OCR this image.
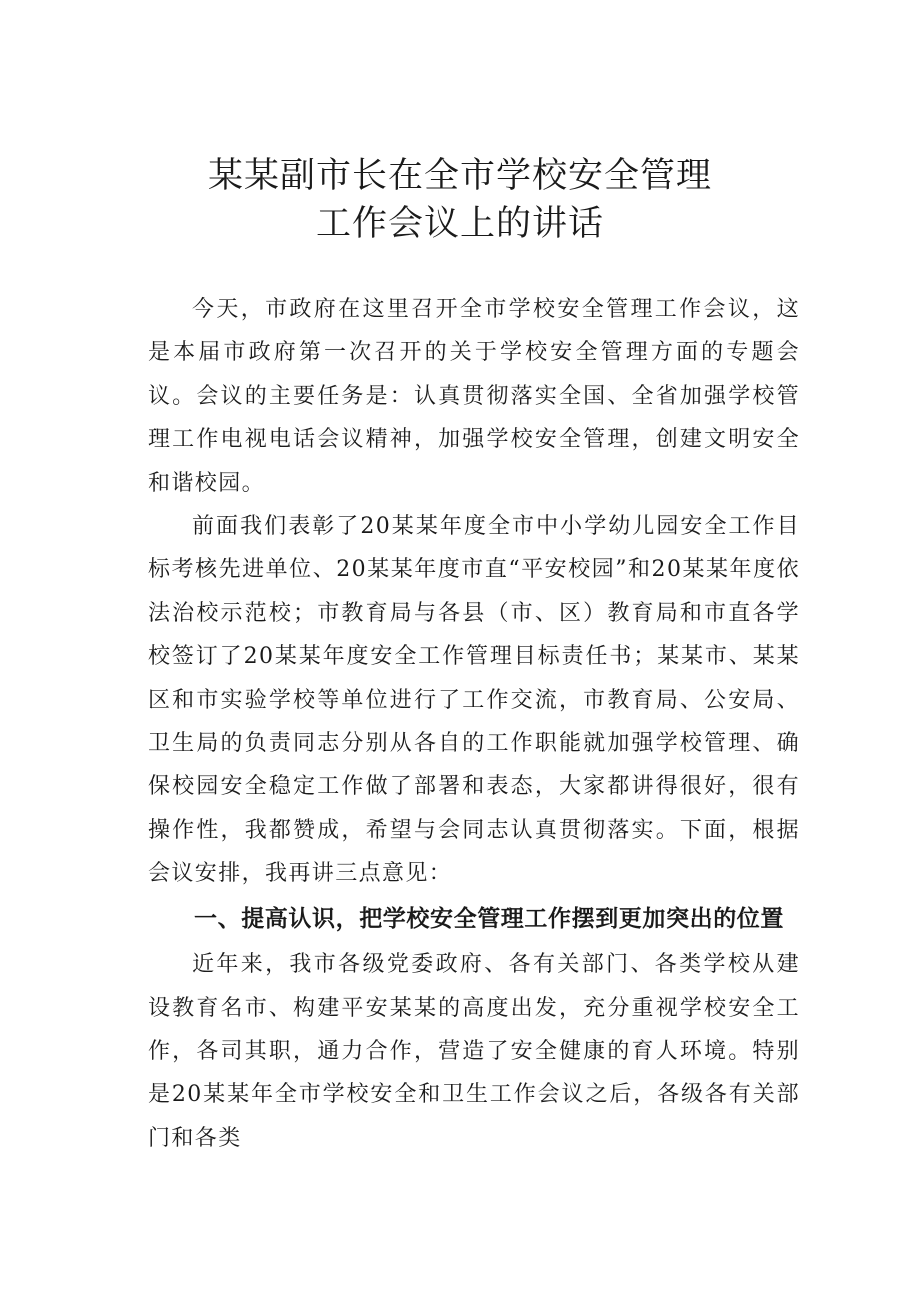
某某副市长在全市学校安全管理
工作会议上的讲话

今天，市政府在这里召开全市学校安全管理工作会议，这是本届市政府第一次召开的关于学校安全管理方面的专题会议。会议的主要任务是：认真贯彻落实全国、全省加强学校管理工作电视电话会议精神，加强学校安全管理，创建文明安全和谐校园。

前面我们表彰了20某某年度全市中小学幼儿园安全工作目标考核先进单位、20某某年度市直“平安校园”和20某某年度依法治校示范校；市教育局与各县（市、区）教育局和市直各学校签订了20某某年度安全工作管理目标责任书；某某市、某某区和市实验学校等单位进行了工作交流，市教育局、公安局、卫生局的负责同志分别从各自的工作职能就加强学校管理、确保校园安全稳定工作做了部署和表态，大家都讲得很好，很有操作性，我都赞成，希望与会同志认真贯彻落实。下面，根据会议安排，我再讲三点意见：

一、提高认识，把学校安全管理工作摆到更加突出的位置

近年来，我市各级党委政府、各有关部门、各类学校从建设教育名市、构建平安某某的高度出发，充分重视学校安全工作，各司其职，通力合作，营造了安全健康的育人环境。特别是20某某年全市学校安全和卫生工作会议之后，各级各有关部门和各类
